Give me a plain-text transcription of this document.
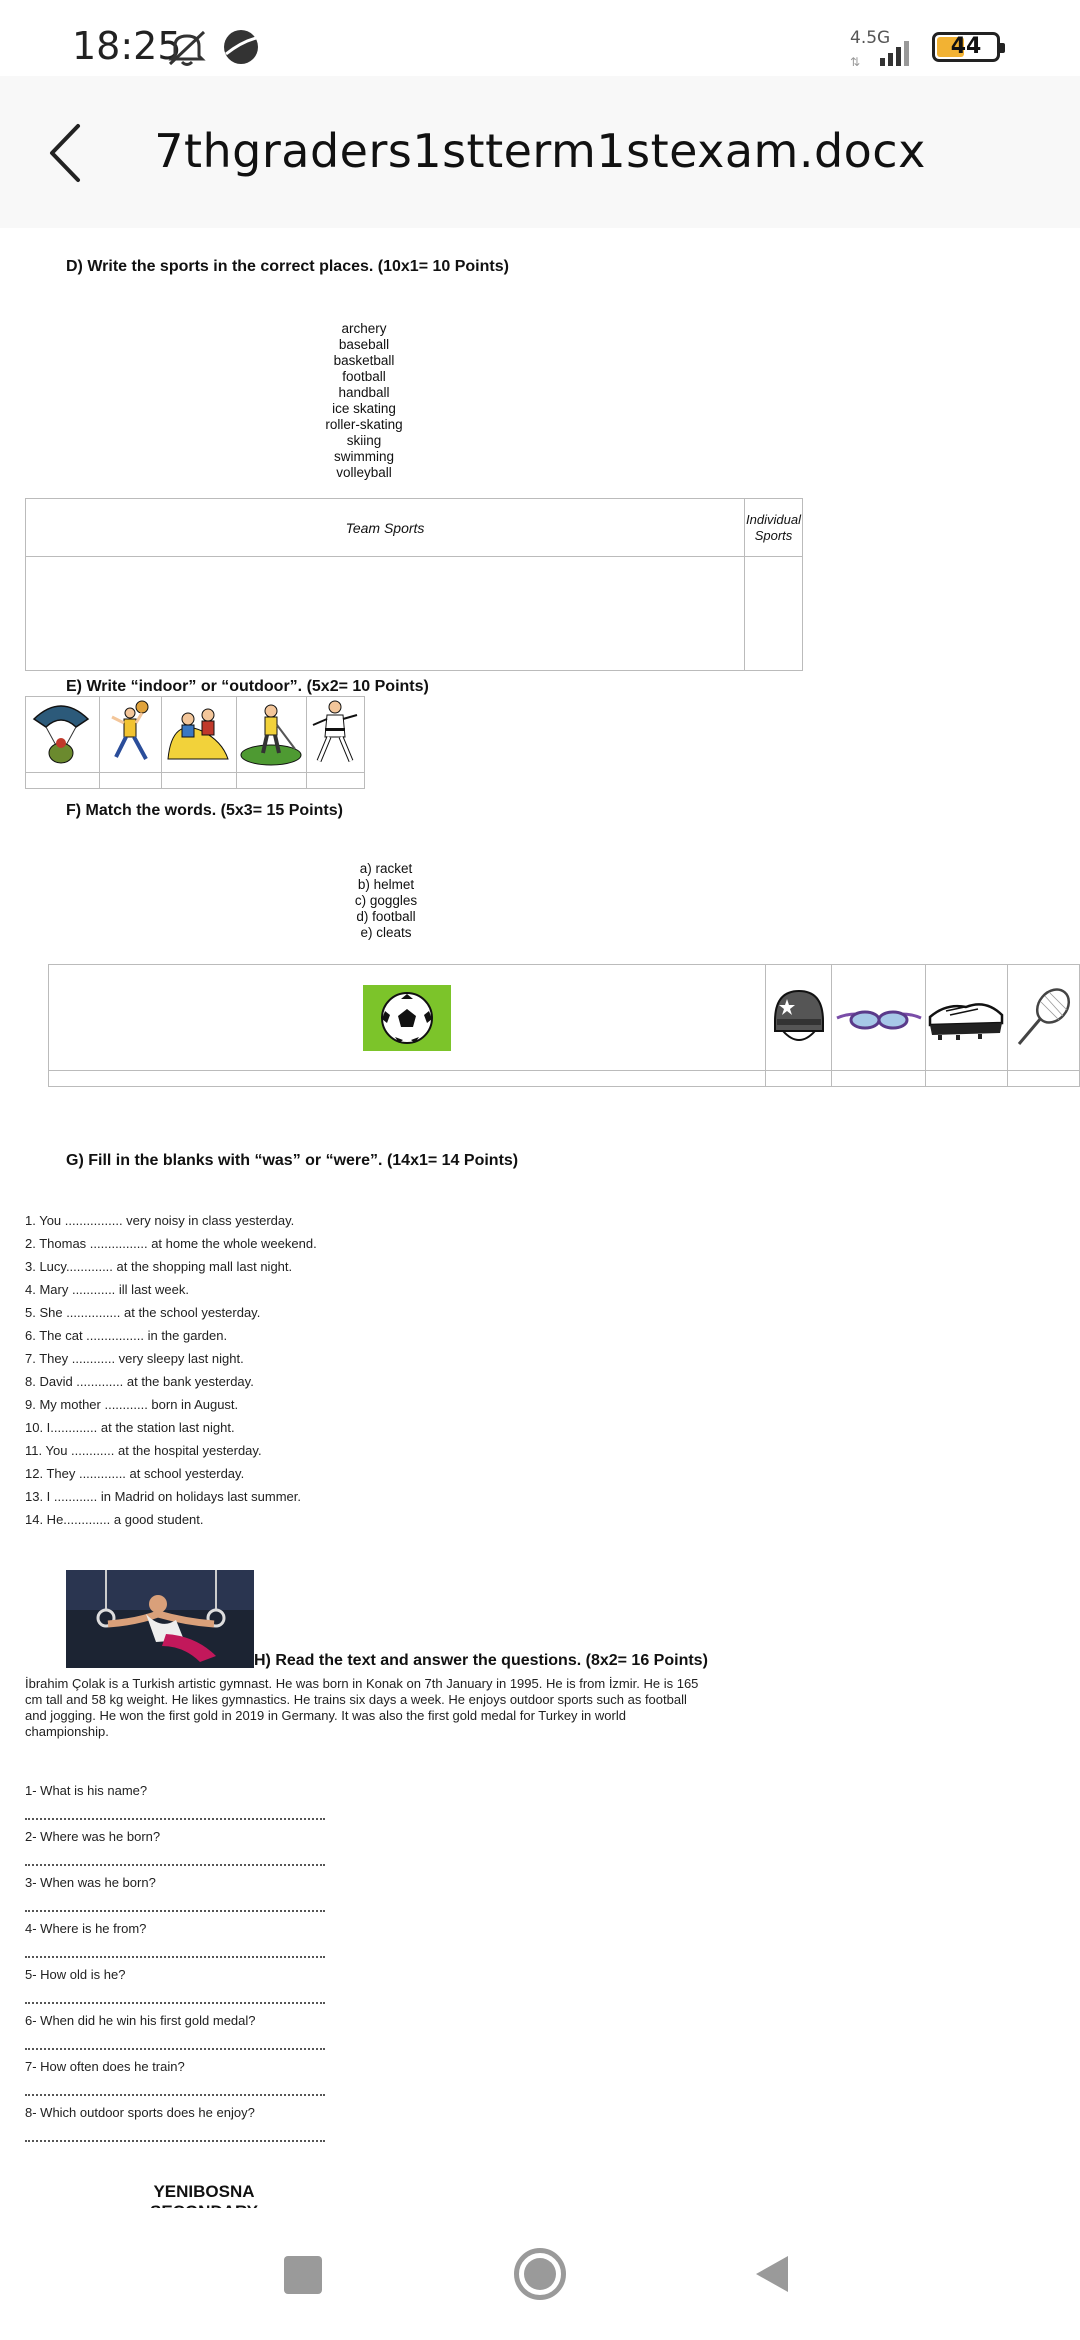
18:25	4.5G
⇅
44
7thgraders1stterm1stexam.docx
D) Write the sports in the correct places. (10x1= 10 Points)
archery
baseball
basketball
football
handball
ice skating
roller-skating
skiing
swimming
volleyball
Team Sports	Individual Sports

E) Write “indoor” or “outdoor”. (5x2= 10 Points)

F) Match the words. (5x3= 15 Points)
a) racket
b) helmet
c) goggles
d) football
e) cleats

G) Fill in the blanks with “was” or “were”. (14x1= 14 Points)
1. You ................ very noisy in class yesterday.
2. Thomas ................ at home the whole weekend.
3. Lucy............. at the shopping mall last night.
4. Mary ............ ill last week.
5. She ............... at the school yesterday.
6. The cat ................ in the garden.
7. They ............ very sleepy last night.
8. David ............. at the bank yesterday.
9. My mother ............ born in August.
10. I............. at the station last night.
11. You ............ at the hospital yesterday.
12. They ............. at school yesterday.
13. I ............ in Madrid on holidays last summer.
14. He............. a good student.
H) Read the text and answer the questions. (8x2= 16 Points)
İbrahim Çolak is a Turkish artistic gymnast. He was born in Konak on 7th January in 1995. He is from İzmir. He is 165 cm tall and 58 kg weight. He likes gymnastics. He trains six days a week. He enjoys outdoor sports such as football and jogging. He won the first gold in 2019 in Germany. It was also the first gold medal for Turkey in world championship.
1- What is his name?
2- Where was he born?
3- When was he born?
4- Where is he from?
5- How old is he?
6- When did he win his first gold medal?
7- How often does he train?
8- Which outdoor sports does he enjoy?
YENIBOSNA
